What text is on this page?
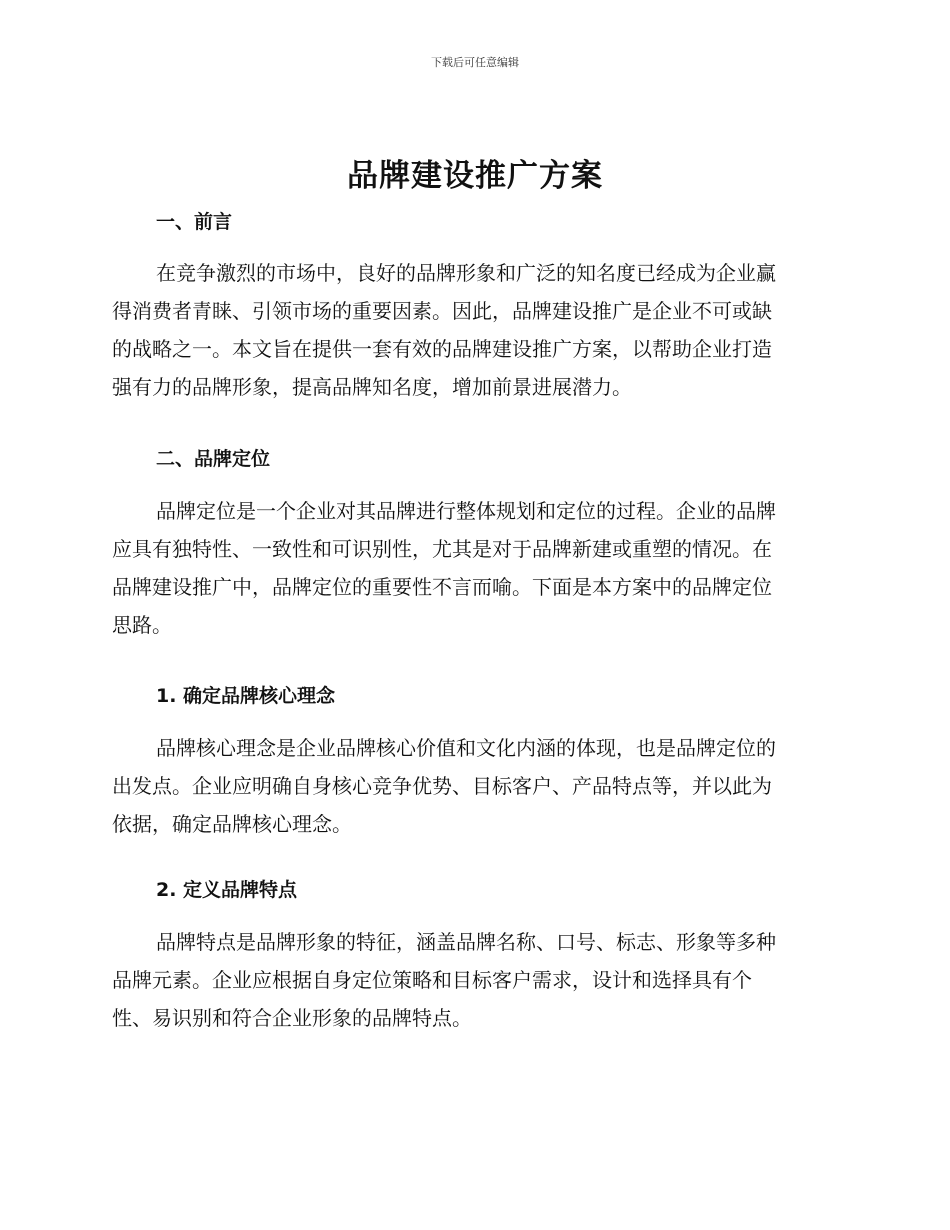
下载后可任意编辑
品牌建设推广方案
一、前言

在竞争激烈的市场中，良好的品牌形象和广泛的知名度已经成为企业赢
得消费者青睐、引领市场的重要因素。因此，品牌建设推广是企业不可或缺
的战略之一。本文旨在提供一套有效的品牌建设推广方案，以帮助企业打造
强有力的品牌形象，提高品牌知名度，增加前景进展潜力。

二、品牌定位

品牌定位是一个企业对其品牌进行整体规划和定位的过程。企业的品牌
应具有独特性、一致性和可识别性，尤其是对于品牌新建或重塑的情况。在
品牌建设推广中，品牌定位的重要性不言而喻。下面是本方案中的品牌定位
思路。

1. 确定品牌核心理念

品牌核心理念是企业品牌核心价值和文化内涵的体现，也是品牌定位的
出发点。企业应明确自身核心竞争优势、目标客户、产品特点等，并以此为
依据，确定品牌核心理念。

2. 定义品牌特点

品牌特点是品牌形象的特征，涵盖品牌名称、口号、标志、形象等多种
品牌元素。企业应根据自身定位策略和目标客户需求，设计和选择具有个
性、易识别和符合企业形象的品牌特点。
